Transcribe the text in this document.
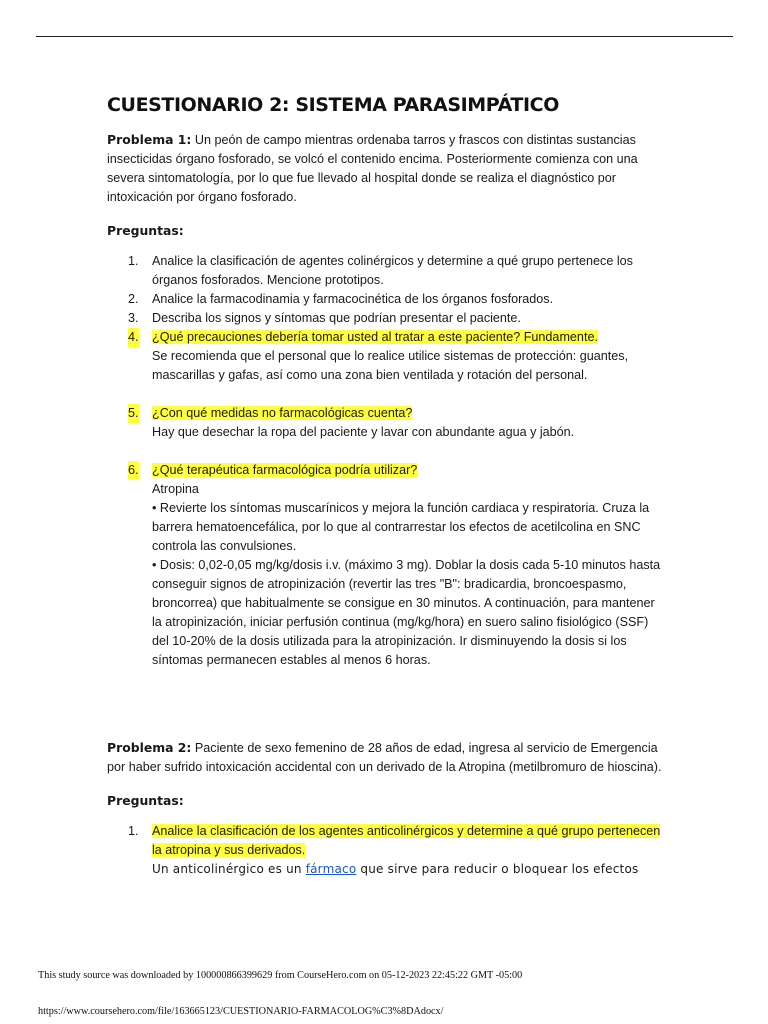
CUESTIONARIO 2: SISTEMA PARASIMPÁTICO

Problema 1: Un peón de campo mientras ordenaba tarros y frascos con distintas sustancias insecticidas órgano fosforado, se volcó el contenido encima. Posteriormente comienza con una severa sintomatología, por lo que fue llevado al hospital donde se realiza el diagnóstico por intoxicación por órgano fosforado.

Preguntas:

1. Analice la clasificación de agentes colinérgicos y determine a qué grupo pertenece los órganos fosforados. Mencione prototipos.
2. Analice la farmacodinamia y farmacocinética de los órganos fosforados.
3. Describa los signos y síntomas que podrían presentar el paciente.
4. ¿Qué precauciones debería tomar usted al tratar a este paciente? Fundamente.

Se recomienda que el personal que lo realice utilice sistemas de protección: guantes, mascarillas y gafas, así como una zona bien ventilada y rotación del personal.

5. ¿Con qué medidas no farmacológicas cuenta?

Hay que desechar la ropa del paciente y lavar con abundante agua y jabón.

6. ¿Qué terapéutica farmacológica podría utilizar?

Atropina

• Revierte los síntomas muscarínicos y mejora la función cardiaca y respiratoria. Cruza la barrera hematoencefálica, por lo que al contrarrestar los efectos de acetilcolina en SNC controla las convulsiones.

• Dosis: 0,02-0,05 mg/kg/dosis i.v. (máximo 3 mg). Doblar la dosis cada 5-10 minutos hasta conseguir signos de atropinización (revertir las tres "B": bradicardia, broncoespasmo, broncorrea) que habitualmente se consigue en 30 minutos. A continuación, para mantener la atropinización, iniciar perfusión continua (mg/kg/hora) en suero salino fisiológico (SSF) del 10-20% de la dosis utilizada para la atropinización. Ir disminuyendo la dosis si los síntomas permanecen estables al menos 6 horas.

Problema 2: Paciente de sexo femenino de 28 años de edad, ingresa al servicio de Emergencia por haber sufrido intoxicación accidental con un derivado de la Atropina (metilbromuro de hioscina).

Preguntas:

1. Analice la clasificación de los agentes anticolinérgicos y determine a qué grupo pertenecen la atropina y sus derivados.

Un anticolinérgico es un fármaco que sirve para reducir o bloquear los efectos

This study source was downloaded by 100000866399629 from CourseHero.com on 05-12-2023 22:45:22 GMT -05:00
https://www.coursehero.com/file/163665123/CUESTIONARIO-FARMACOLOG%C3%8DAdocx/
